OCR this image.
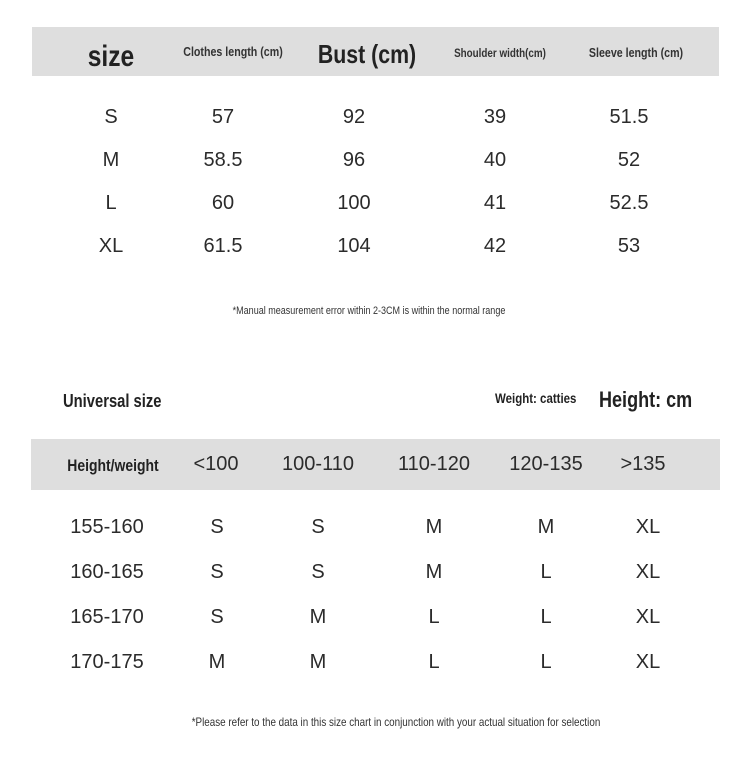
size	Clothes length (cm)	Bust (cm)	Shoulder width(cm)	Sleeve length (cm)
S	57	92	39	51.5
M	58.5	96	40	52
L	60	100	41	52.5
XL	61.5	104	42	53
*Manual measurement error within 2-3CM is within the normal range
Universal size	Weight: catties	Height: cm
Height/weight	<100 100-110 110-120 120-135 >135
155-160	S	S	M	M	XL
160-165	S	S	M	L	XL
165-170	S	M	L	L	XL
170-175	M	M	L	L	XL
*Please refer to the data in this size chart in conjunction with your actual situation for selection
